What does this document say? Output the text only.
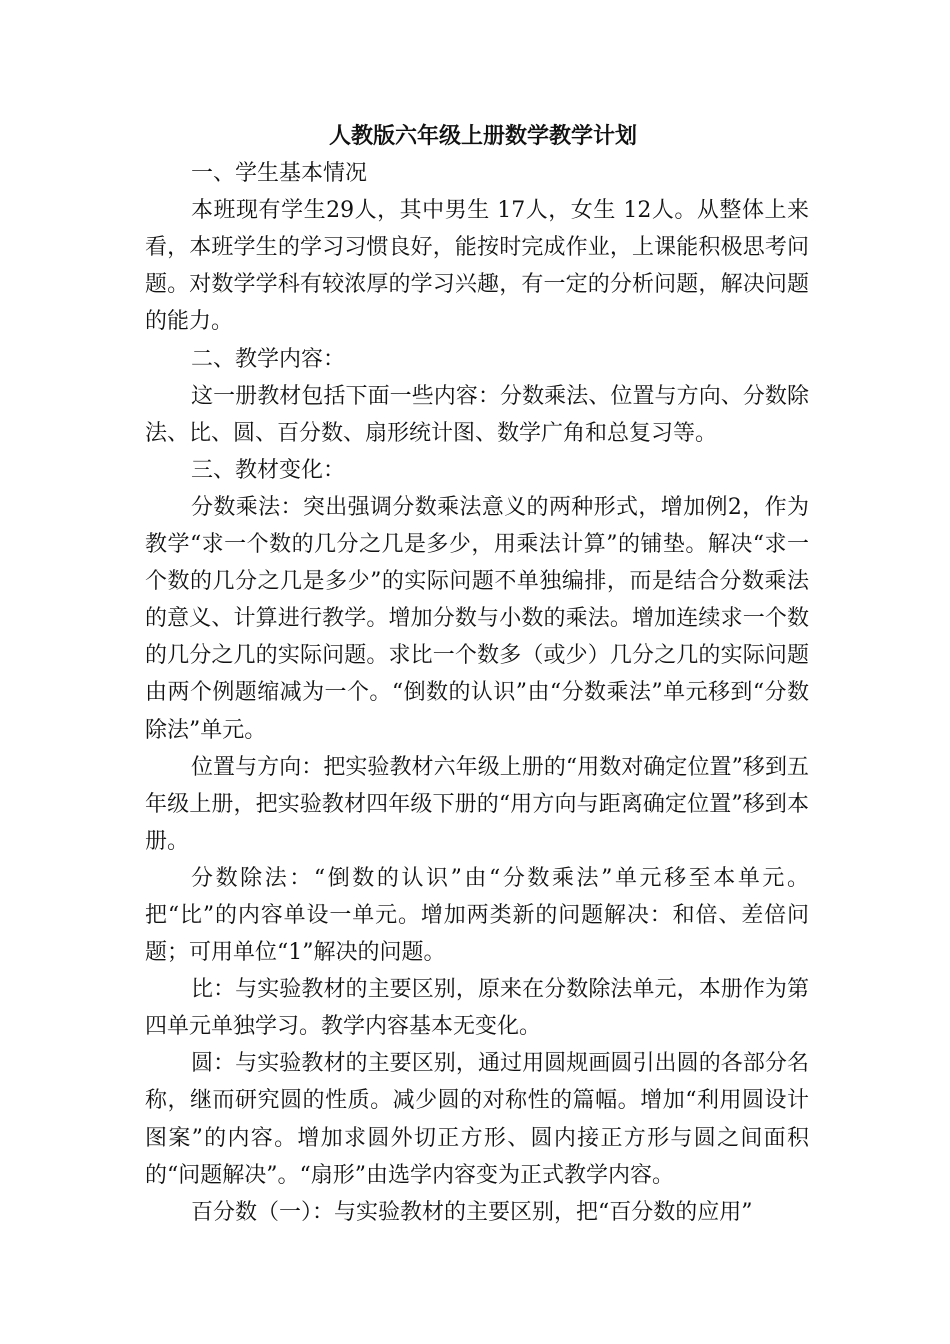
人教版六年级上册数学教学计划

一、学生基本情况

本班现有学生29人，其中男生 17人，女生 12人。从整体上来看，本班学生的学习习惯良好，能按时完成作业，上课能积极思考问题。对数学学科有较浓厚的学习兴趣，有一定的分析问题，解决问题的能力。

二、教学内容：

这一册教材包括下面一些内容：分数乘法、位置与方向、分数除法、比、圆、百分数、扇形统计图、数学广角和总复习等。

三、教材变化：

分数乘法：突出强调分数乘法意义的两种形式，增加例2，作为教学“求一个数的几分之几是多少，用乘法计算”的铺垫。解决“求一个数的几分之几是多少”的实际问题不单独编排，而是结合分数乘法的意义、计算进行教学。增加分数与小数的乘法。增加连续求一个数的几分之几的实际问题。求比一个数多（或少）几分之几的实际问题由两个例题缩减为一个。“倒数的认识”由“分数乘法”单元移到“分数除法”单元。

位置与方向：把实验教材六年级上册的“用数对确定位置”移到五年级上册，把实验教材四年级下册的“用方向与距离确定位置”移到本册。

分数除法：“倒数的认识”由“分数乘法”单元移至本单元。把“比”的内容单设一单元。增加两类新的问题解决：和倍、差倍问题；可用单位“1”解决的问题。

比：与实验教材的主要区别，原来在分数除法单元，本册作为第四单元单独学习。教学内容基本无变化。

圆：与实验教材的主要区别，通过用圆规画圆引出圆的各部分名称，继而研究圆的性质。减少圆的对称性的篇幅。增加“利用圆设计图案”的内容。增加求圆外切正方形、圆内接正方形与圆之间面积的“问题解决”。“扇形”由选学内容变为正式教学内容。

百分数（一）：与实验教材的主要区别，把“百分数的应用”
